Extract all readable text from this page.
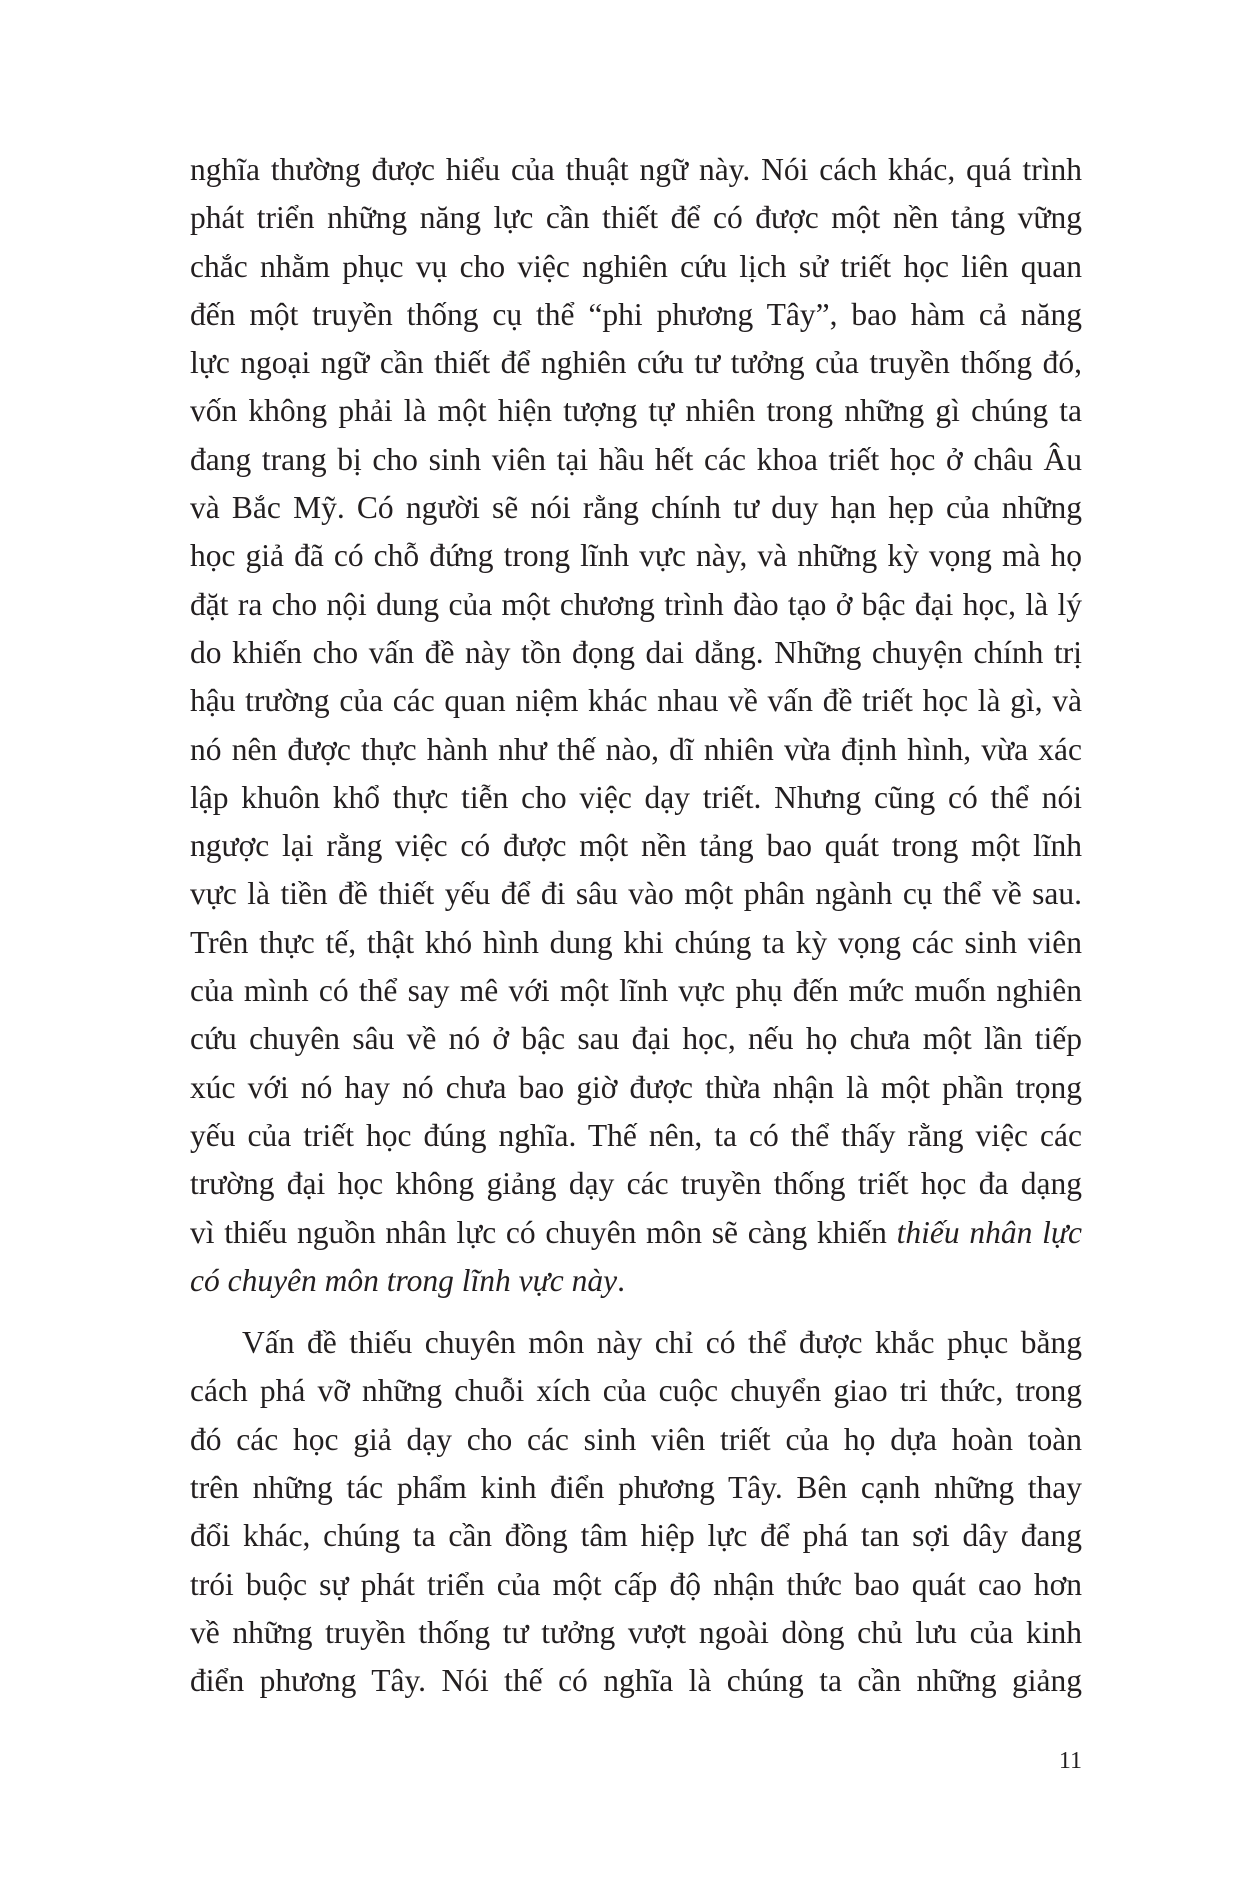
nghĩa thường được hiểu của thuật ngữ này. Nói cách khác, quá trình
phát triển những năng lực cần thiết để có được một nền tảng vững
chắc nhằm phục vụ cho việc nghiên cứu lịch sử triết học liên quan
đến một truyền thống cụ thể “phi phương Tây”, bao hàm cả năng
lực ngoại ngữ cần thiết để nghiên cứu tư tưởng của truyền thống đó,
vốn không phải là một hiện tượng tự nhiên trong những gì chúng ta
đang trang bị cho sinh viên tại hầu hết các khoa triết học ở châu Âu
và Bắc Mỹ. Có người sẽ nói rằng chính tư duy hạn hẹp của những
học giả đã có chỗ đứng trong lĩnh vực này, và những kỳ vọng mà họ
đặt ra cho nội dung của một chương trình đào tạo ở bậc đại học, là lý
do khiến cho vấn đề này tồn đọng dai dẳng. Những chuyện chính trị
hậu trường của các quan niệm khác nhau về vấn đề triết học là gì, và
nó nên được thực hành như thế nào, dĩ nhiên vừa định hình, vừa xác
lập khuôn khổ thực tiễn cho việc dạy triết. Nhưng cũng có thể nói
ngược lại rằng việc có được một nền tảng bao quát trong một lĩnh
vực là tiền đề thiết yếu để đi sâu vào một phân ngành cụ thể về sau.
Trên thực tế, thật khó hình dung khi chúng ta kỳ vọng các sinh viên
của mình có thể say mê với một lĩnh vực phụ đến mức muốn nghiên
cứu chuyên sâu về nó ở bậc sau đại học, nếu họ chưa một lần tiếp
xúc với nó hay nó chưa bao giờ được thừa nhận là một phần trọng
yếu của triết học đúng nghĩa. Thế nên, ta có thể thấy rằng việc các
trường đại học không giảng dạy các truyền thống triết học đa dạng
vì thiếu nguồn nhân lực có chuyên môn sẽ càng khiến thiếu nhân lực
có chuyên môn trong lĩnh vực này.

Vấn đề thiếu chuyên môn này chỉ có thể được khắc phục bằng
cách phá vỡ những chuỗi xích của cuộc chuyển giao tri thức, trong
đó các học giả dạy cho các sinh viên triết của họ dựa hoàn toàn
trên những tác phẩm kinh điển phương Tây. Bên cạnh những thay
đổi khác, chúng ta cần đồng tâm hiệp lực để phá tan sợi dây đang
trói buộc sự phát triển của một cấp độ nhận thức bao quát cao hơn
về những truyền thống tư tưởng vượt ngoài dòng chủ lưu của kinh
điển phương Tây. Nói thế có nghĩa là chúng ta cần những giảng

11
